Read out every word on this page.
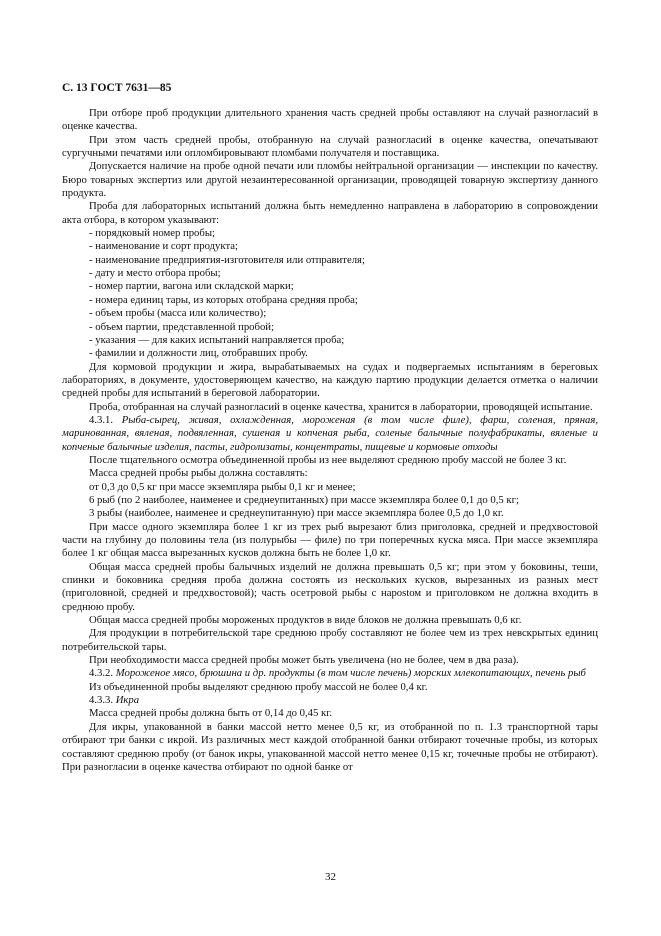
С. 13 ГОСТ 7631—85

При отборе проб продукции длительного хранения часть средней пробы оставляют на случай разногласий в оценке качества.

При этом часть средней пробы, отобранную на случай разногласий в оценке качества, опечатывают сургучными печатями или опломбировывают пломбами получателя и поставщика.

Допускается наличие на пробе одной печати или пломбы нейтральной организации — инспекции по качеству. Бюро товарных экспертиз или другой незаинтересованной организации, проводящей товарную экспертизу данного продукта.

Проба для лабораторных испытаний должна быть немедленно направлена в лабораторию в сопровождении акта отбора, в котором указывают:

- порядковый номер пробы;
- наименование и сорт продукта;
- наименование предприятия-изготовителя или отправителя;
- дату и место отбора пробы;
- номер партии, вагона или складской марки;
- номера единиц тары, из которых отобрана средняя проба;
- объем пробы (масса или количество);
- объем партии, представленной пробой;
- указания — для каких испытаний направляется проба;
- фамилии и должности лиц, отобравших пробу.

Для кормовой продукции и жира, вырабатываемых на судах и подвергаемых испытаниям в береговых лабораториях, в документе, удостоверяющем качество, на каждую партию продукции делается отметка о наличии средней пробы для испытаний в береговой лаборатории.

Проба, отобранная на случай разногласий в оценке качества, хранится в лаборатории, проводящей испытание.

4.3.1. Рыба-сырец, живая, охлажденная, мороженая (в том числе филе), фарш, соленая, пряная, маринованная, вяленая, подвяленная, сушеная и копченая рыба, соленые балычные полуфабрикаты, вяленые и копченые балычные изделия, пасты, гидролизаты, концентраты, пищевые и кормовые отходы

После тщательного осмотра объединенной пробы из нее выделяют среднюю пробу массой не более 3 кг.

Масса средней пробы рыбы должна составлять:

от 0,3 до 0,5 кг при массе экземпляра рыбы 0,1 кг и менее;

6 рыб (по 2 наиболее, наименее и среднеупитанных) при массе экземпляра более 0,1 до 0,5 кг;

3 рыбы (наиболее, наименее и среднеупитанную) при массе экземпляра более 0,5 до 1,0 кг.

При массе одного экземпляра более 1 кг из трех рыб вырезают близ приголовка, средней и предхвостовой части на глубину до половины тела (из полурыбы — филе) по три поперечных куска мяса. При массе экземпляра более 1 кг общая масса вырезанных кусков должна быть не более 1,0 кг.

Общая масса средней пробы балычных изделий не должна превышать 0,5 кг; при этом у боковины, теши, спинки и боковника средняя проба должна состоять из нескольких кусков, вырезанных из разных мест (приголовной, средней и предхвостовой); часть осетровой рыбы с нарostом и приголовком не должна входить в среднюю пробу.

Общая масса средней пробы мороженых продуктов в виде блоков не должна превышать 0,6 кг.

Для продукции в потребительской таре среднюю пробу составляют не более чем из трех невскрытых единиц потребительской тары.

При необходимости масса средней пробы может быть увеличена (но не более, чем в два раза).

4.3.2. Мороженое мясо, брюшина и др. продукты (в том числе печень) морских млекопитающих, печень рыб

Из объединенной пробы выделяют среднюю пробу массой не более 0,4 кг.

4.3.3. Икра

Масса средней пробы должна быть от 0,14 до 0,45 кг.

Для икры, упакованной в банки массой нетто менее 0,5 кг, из отобранной по п. 1.3 транспортной тары отбирают три банки с икрой. Из различных мест каждой отобранной банки отбирают точечные пробы, из которых составляют среднюю пробу (от банок икры, упакованной массой нетто менее 0,15 кг, точечные пробы не отбирают). При разногласии в оценке качества отбирают по одной банке от

32
